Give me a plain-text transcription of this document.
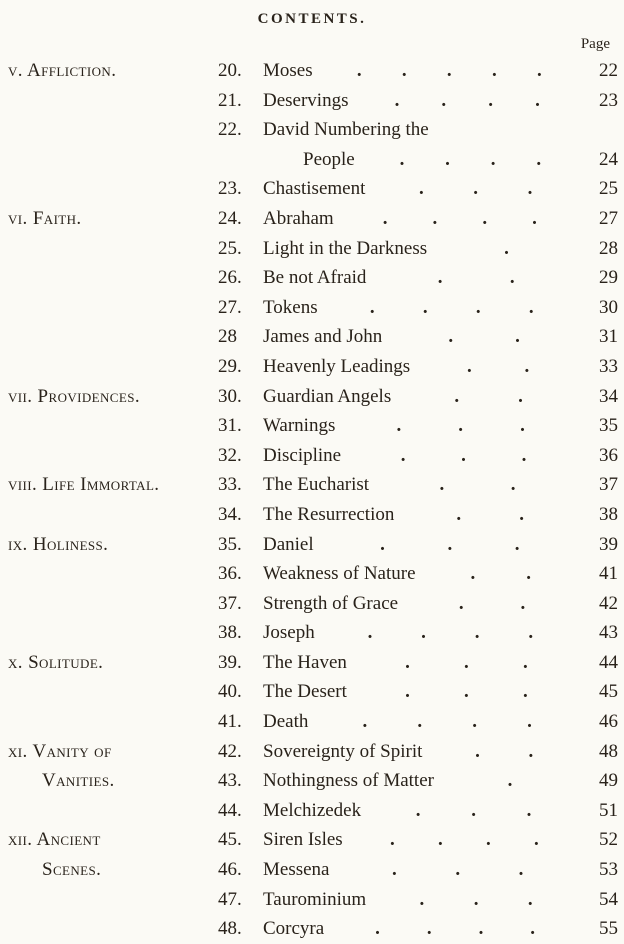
CONTENTS.
Page
v. Affliction.	20.	Moses . . . . .	22
21.	Deservings . . . .	23
22.	David Numbering the
People . . . .	24
23.	Chastisement	.	.	.	25
vi. Faith.	24.	Abraham	. . . .	27
25.	Light in the Darkness	.	28
26.	Be not Afraid	.	.	29
27.	Tokens	.	.	.	.	30
28	James and John	.	.	31
29.	Heavenly Leadings	.	.	33
vii. Providences.	30.	Guardian Angels	.	.	34
31.	Warnings	.	.	.	35
32.	Discipline	.	.	.	36
viii. Life Immortal.	33.	The Eucharist	.	.	37
34.	The Resurrection	.	.	38
ix. Holiness.	35.	Daniel	.	.	.	39
36.	Weakness of Nature	.	.	41
37.	Strength of Grace	.	.	42
38.	Joseph	.	.	.	.	43
x. Solitude.	39.	The Haven	.	.	.	44
40.	The Desert	.	.	.	45
41.	Death	.	.	.	.	46
xi. Vanity of	42.	Sovereignty of Spirit	.	.	48
Vanities.	43.	Nothingness of Matter	.	49
44.	Melchizedek	.	.	.	51
xii. Ancient	45.	Siren Isles . . . .	52
Scenes.	46.	Messena	.	.	.	53
47.	Taurominium	.	.	.	54
48.	Corcyra	. . . .	55
